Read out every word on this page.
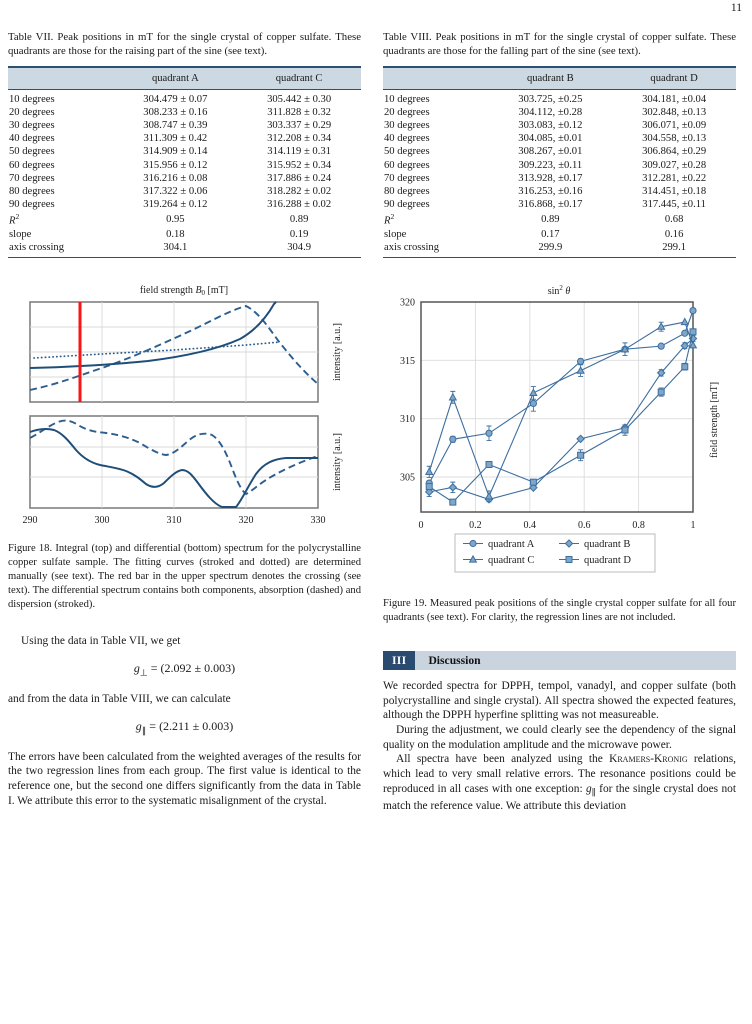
11
Table VII. Peak positions in mT for the single crystal of copper sulfate. These quadrants are those for the raising part of the sine (see text).
	quadrant A	quadrant C
10 degrees	304.479 ± 0.07	305.442 ± 0.30
20 degrees	308.233 ± 0.16	311.828 ± 0.32
30 degrees	308.747 ± 0.39	303.337 ± 0.29
40 degrees	311.309 ± 0.42	312.208 ± 0.34
50 degrees	314.909 ± 0.14	314.119 ± 0.31
60 degrees	315.956 ± 0.12	315.952 ± 0.34
70 degrees	316.216 ± 0.08	317.886 ± 0.24
80 degrees	317.322 ± 0.06	318.282 ± 0.02
90 degrees	319.264 ± 0.12	316.288 ± 0.02
$R^2$	0.95	0.89
slope	0.18	0.19
axis crossing	304.1	304.9
field strength $B_0$ [mT]
intensity [a.u.]
intensity [a.u.]
290	300	310	320	330
Figure 18. Integral (top) and differential (bottom) spectrum for the polycrystalline copper sulfate sample. The fitting curves (stroked and dotted) are determined manually (see text). The red bar in the upper spectrum denotes the crossing (see text). The differential spectrum contains both components, absorption (dashed) and dispersion (stroked).

Using the data in Table VII, we get

$g_\perp = (2.092 \pm 0.003)$

and from the data in Table VIII, we can calculate

$g_\parallel = (2.211 \pm 0.003)$

The errors have been calculated from the weighted averages of the results for the two regression lines from each group. The first value is identical to the reference one, but the second one differs significantly from the data in Table I. We attribute this error to the systematic misalignment of the crystal.

Table VIII. Peak positions in mT for the single crystal of copper sulfate. These quadrants are those for the falling part of the sine (see text).
	quadrant B	quadrant D
10 degrees	303.725, ±0.25	304.181, ±0.04
20 degrees	304.112, ±0.28	302.848, ±0.13
30 degrees	303.083, ±0.12	306.071, ±0.09
40 degrees	304.085, ±0.01	304.558, ±0.13
50 degrees	308.267, ±0.01	306.864, ±0.29
60 degrees	309.223, ±0.11	309.027, ±0.28
70 degrees	313.928, ±0.17	312.281, ±0.22
80 degrees	316.253, ±0.16	314.451, ±0.18
90 degrees	316.868, ±0.17	317.445, ±0.11
$R^2$	0.89	0.68
slope	0.17	0.16
axis crossing	299.9	299.1
$\sin^2 \theta$
0	0.2	0.4	0.6	0.8	1
305
310
315
320
quadrant A	quadrant B
quadrant C	quadrant D
field strength [mT]
Figure 19. Measured peak positions of the single crystal copper sulfate for all four quadrants (see text). For clarity, the regression lines are not included.
III	Discussion

We recorded spectra for DPPH, tempol, vanadyl, and copper sulfate (both polycrystalline and single crystal). All spectra showed the expected features, although the DPPH hyperfine splitting was not measureable.

During the adjustment, we could clearly see the dependency of the signal quality on the modulation amplitude and the microwave power.

All spectra have been analyzed using the Kramers-Kronig relations, which lead to very small relative errors. The resonance positions could be reproduced in all cases with one exception: $g_\parallel$ for the single crystal does not match the reference value. We attribute this deviation
